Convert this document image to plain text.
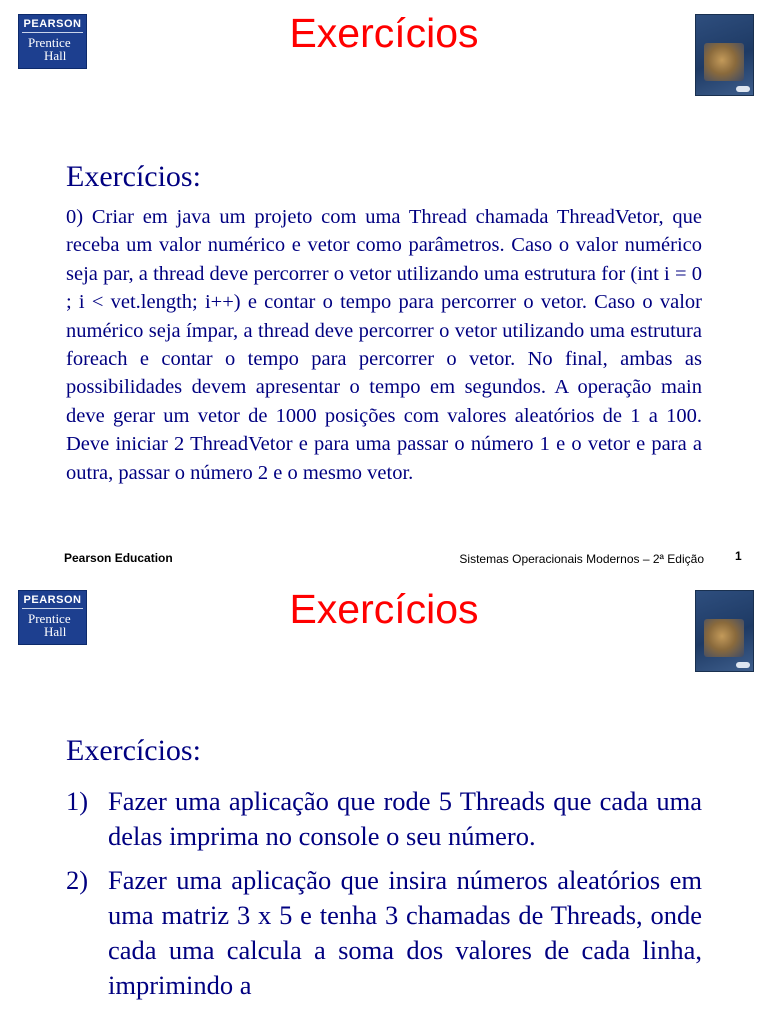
PEARSON
Prentice
Hall	Exercícios
Exercícios:

0) Criar em java um projeto com uma Thread chamada ThreadVetor, que receba um valor numérico e vetor como parâmetros. Caso o valor numérico seja par, a thread deve percorrer o vetor utilizando uma estrutura for (int i = 0 ; i < vet.length; i++) e contar o tempo para percorrer o vetor. Caso o valor numérico seja ímpar, a thread deve percorrer o vetor utilizando uma estrutura foreach e contar o tempo para percorrer o vetor. No final, ambas as possibilidades devem apresentar o tempo em segundos. A operação main deve gerar um vetor de 1000 posições com valores aleatórios de 1 a 100. Deve iniciar 2 ThreadVetor e para uma passar o número 1 e o vetor e para a outra, passar o número 2 e o mesmo vetor.

Pearson Education	Sistemas Operacionais Modernos – 2ª Edição	1
PEARSON
Prentice
Hall	Exercícios
Exercícios:
1) Fazer uma aplicação que rode 5 Threads que cada uma delas imprima no console o seu número.
2) Fazer uma aplicação que insira números aleatórios em uma matriz 3 x 5 e tenha 3 chamadas de Threads, onde cada uma calcula a soma dos valores de cada linha, imprimindo a
